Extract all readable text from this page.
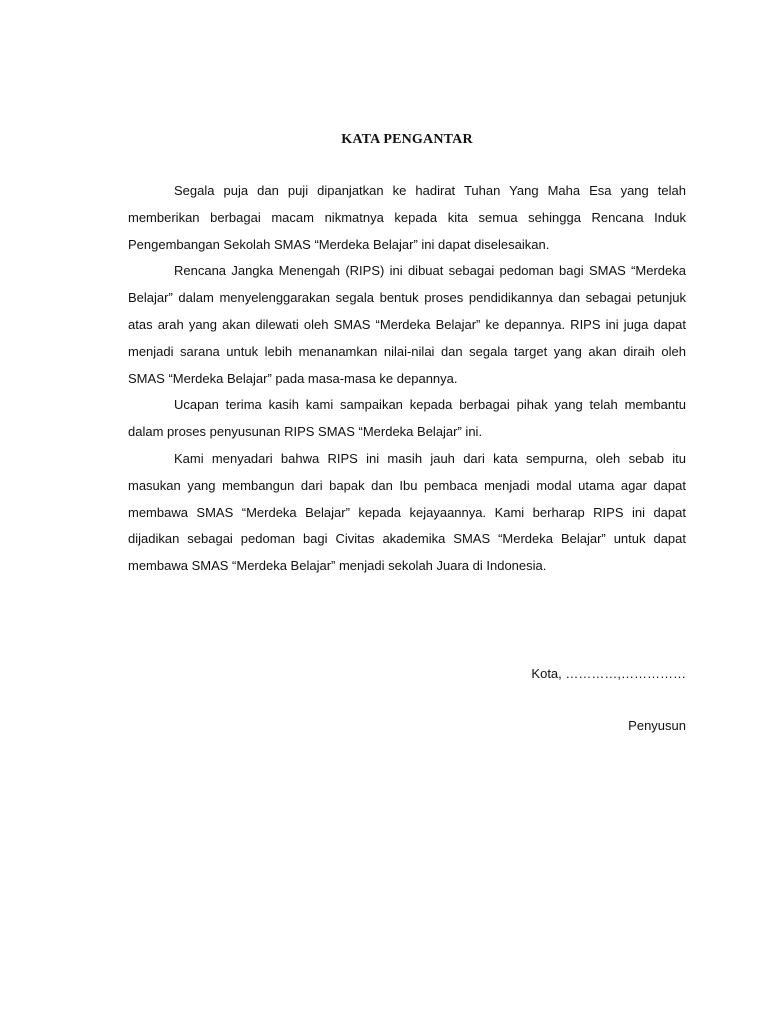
KATA PENGANTAR

Segala puja dan puji dipanjatkan ke hadirat Tuhan Yang Maha Esa yang telah memberikan berbagai macam nikmatnya kepada kita semua sehingga Rencana Induk Pengembangan Sekolah SMAS “Merdeka Belajar” ini dapat diselesaikan.

Rencana Jangka Menengah (RIPS) ini dibuat sebagai pedoman bagi SMAS “Merdeka Belajar” dalam menyelenggarakan segala bentuk proses pendidikannya dan sebagai petunjuk atas arah yang akan dilewati oleh SMAS “Merdeka Belajar” ke depannya. RIPS ini juga dapat menjadi sarana untuk lebih menanamkan nilai-nilai dan segala target yang akan diraih oleh SMAS “Merdeka Belajar” pada masa-masa ke depannya.

Ucapan terima kasih kami sampaikan kepada berbagai pihak yang telah membantu dalam proses penyusunan RIPS SMAS “Merdeka Belajar” ini.

Kami menyadari bahwa RIPS ini masih jauh dari kata sempurna, oleh sebab itu masukan yang membangun dari bapak dan Ibu pembaca menjadi modal utama agar dapat membawa SMAS “Merdeka Belajar” kepada kejayaannya. Kami berharap RIPS ini dapat dijadikan sebagai pedoman bagi Civitas akademika SMAS “Merdeka Belajar” untuk dapat membawa SMAS “Merdeka Belajar” menjadi sekolah Juara di Indonesia.

Kota, …………,……………

Penyusun
